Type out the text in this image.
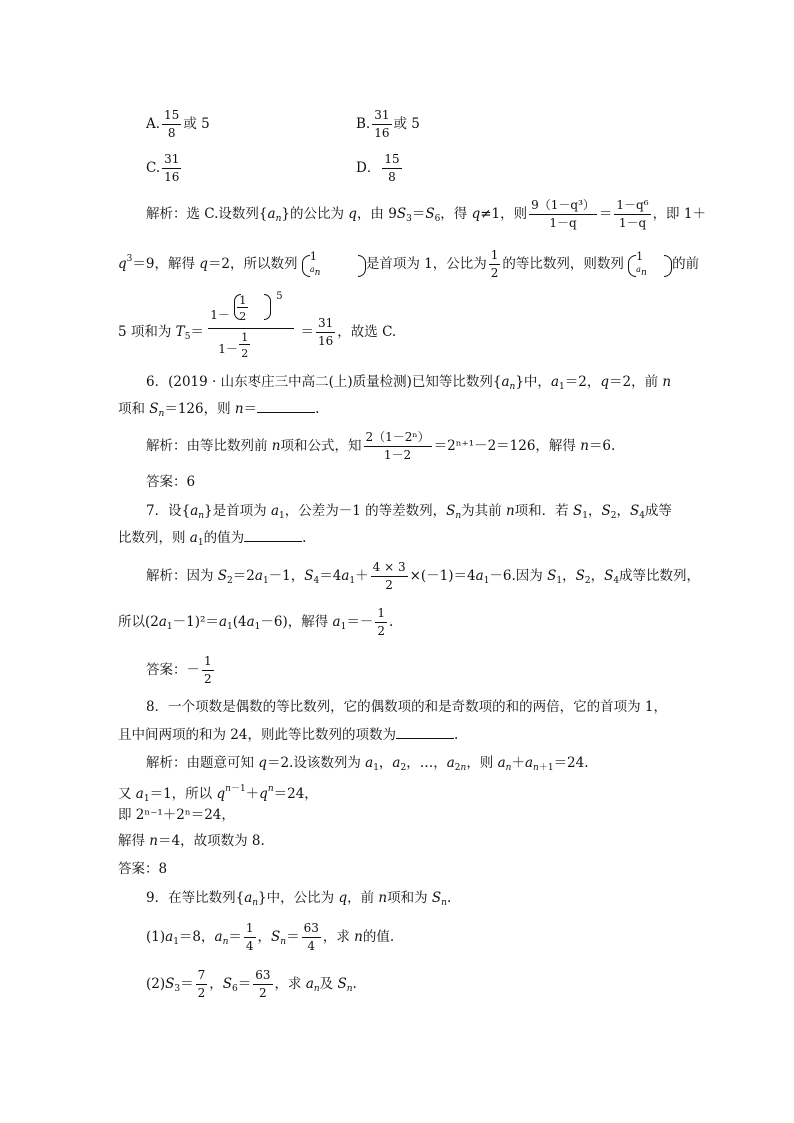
A. $\frac{15}{8}$ 或 5	B. $\frac{31}{16}$ 或 5
C. $\frac{31}{16}$	D． $\frac{15}{8}$
解析：选 C.设数列$\{a_n\}$的公比为 q，由 $9S_3=S_6$，得 q≠1，则 $\frac{\text{9（1－q³）}}{1-q} = \frac{\text{1－q⁶}}{1-q}$ ，即 1＋
$q^3=9$，解得 q＝2，所以数列 1
$a_n$
是首项为 1，公比为 $\frac{1}{2}$ 的等比数列，则数列 1
$a_n$
的前
5 项和为 $T_5=$
1－
1
2
5
1－
1
2
＝ $\frac{31}{16}$ ，故选 C.
6．(2019 · 山东枣庄三中高二(上)质量检测)已知等比数列$\{a_n\}$中，$a_1=2$，q＝2，前 n
项和 $S_n=126$，则 n＝	.
解析：由等比数列前 n项和公式，知 $\frac{\text{2（1－2ⁿ）}}{1-2} =2^{n+1}-2=126$，解得 n＝6.
答案：6
7．设$\{a_n\}$是首项为 $a_1$，公差为－1 的等差数列，$S_n$为其前 n项和．若 $S_1$，$S_2$，$S_4$成等
比数列，则 $a_1$的值为	.
解析：因为 $S_2=2a_1-1$，$S_4=4a_1+ \frac{4 \times 3}{2} \times(-1)=4a_1-6$.因为 $S_1$，$S_2$，$S_4$成等比数列，
所以$(2a_1-1)^2=a_1(4a_1-6)$，解得 $a_1=- \frac{1}{2}$ .
答案：－ $\frac{1}{2}$
8．一个项数是偶数的等比数列，它的偶数项的和是奇数项的和的两倍，它的首项为 1，
且中间两项的和为 24，则此等比数列的项数为	.
解析：由题意可知 q＝2.设该数列为 $a_1$，$a_2$，…，$a_{2n}$，则 $a_n+a_{n+1}=24$.
又 $a_1=1$，所以 $q^{n-1}+q^n=24$，
即 2ⁿ⁻¹＋2ⁿ＝24，
解得 n＝4，故项数为 8.
答案：8
9．在等比数列$\{a_n\}$中，公比为 q，前 n项和为 $S_n$.
$(1)a_1=8$，$a_n= \frac{1}{4}$ ，$S_n= \frac{63}{4}$ ，求 n的值.
$(2)S_3= \frac{7}{2}$ ，$S_6= \frac{63}{2}$ ，求 $a_n$及 $S_n$.
